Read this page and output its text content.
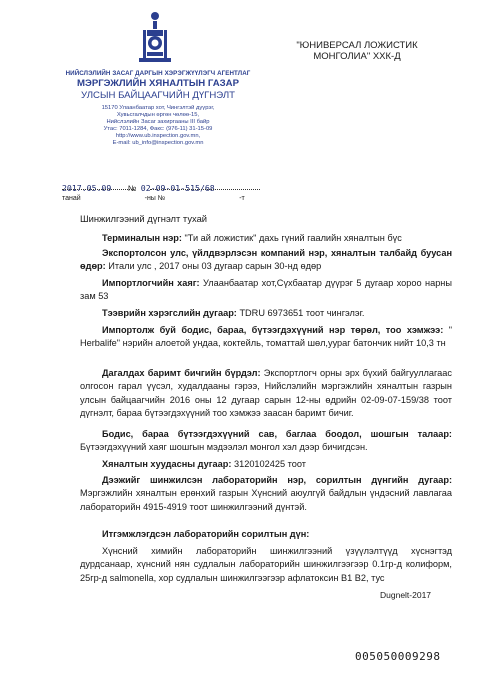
НИЙСЛЭЛИЙН ЗАСАГ ДАРГЫН ХЭРЭГЖҮҮЛЭГЧ АГЕНТЛАГ
МЭРГЭЖЛИЙН ХЯНАЛТЫН ГАЗАР
УЛСЫН БАЙЦААГЧИЙН ДҮГНЭЛТ
15170 Улаанбаатар хот, Чингэлтэй дүүрэг,
Хувьсгалчдын өргөн чөлөө-15,
Нийслэлийн Засаг захиргааны III байр
Утас: 7011-1284, Факс: (976-11) 31-15-09
http://www.ub.inspection.gov.mn,
E-mail: ub_info@inspection.gov.mn
"ЮНИВЕРСАЛ ЛОЖИСТИК
МОНГОЛИА" ХХК-Д
2017.05.09 № 02-09-01-515/68
танай	-ны №	-т
Шинжилгээний дүгнэлт тухай
Терминалын нэр: "Ти ай ложистик" дахь гүний гаалийн хяналтын бүс
Экспортолсон улс, үйлдвэрлэсэн компаний нэр, хяналтын талбайд буусан өдөр: Итали улс , 2017 оны 03 дугаар сарын 30-нд өдөр
Импортлогчийн хаяг: Улаанбаатар хот,Сүхбаатар дүүрэг 5 дугаар хороо нарны зам 53
Тээврийн хэрэгслийн дугаар: TDRU 6973651 тоот чингэлэг.
Импортолж буй бодис, бараа, бүтээгдэхүүний нэр төрөл, тоо хэмжээ: " Herbalife" нэрийн алоетой ундаа, коктейль, томаттай шөл,уураг батончик нийт 10,3 тн
Дагалдах баримт бичгийн бүрдэл: Экспортлогч орны эрх бүхий байгууллагаас олгосон гарал үүсэл, худалдааны гэрээ, Нийслэлийн мэргэжлийн хяналтын газрын улсын байцаагчийн 2016 оны 12 дугаар сарын 12-ны өдрийн 02-09-07-159/38 тоот дүгнэлт, бараа бүтээгдэхүүний тоо хэмжээ заасан баримт бичиг.
Бодис, бараа бүтээгдэхүүний сав, баглаа боодол, шошгын талаар: Бүтээгдэхүүний хаяг шошгын мэдээлэл монгол хэл дээр бичигдсэн.
Хяналтын хуудасны дугаар: 3120102425 тоот
Дээжийг шинжилсэн лабораторийн нэр, сорилтын дүнгийн дугаар: Мэргэжлийн хяналтын ерөнхий газрын Хүнсний аюулгүй байдлын үндэсний лавлагаа лабораторийн 4915-4919 тоот шинжилгээний дүнтэй.
Итгэмжлэгдсэн лабораторийн сорилтын дүн:
Хүнсний химийн лабораторийн шинжилгээний үзүүлэлтүүд хүснэгтэд дурдсанаар, хүнсний нян судлалын лабораторийн шинжилгээгээр 0.1гр-д колиформ, 25гр-д salmonella, хор судлалын шинжилгээгээр афлатоксин B1 B2, тус
Dugnelt-2017
005050009298
